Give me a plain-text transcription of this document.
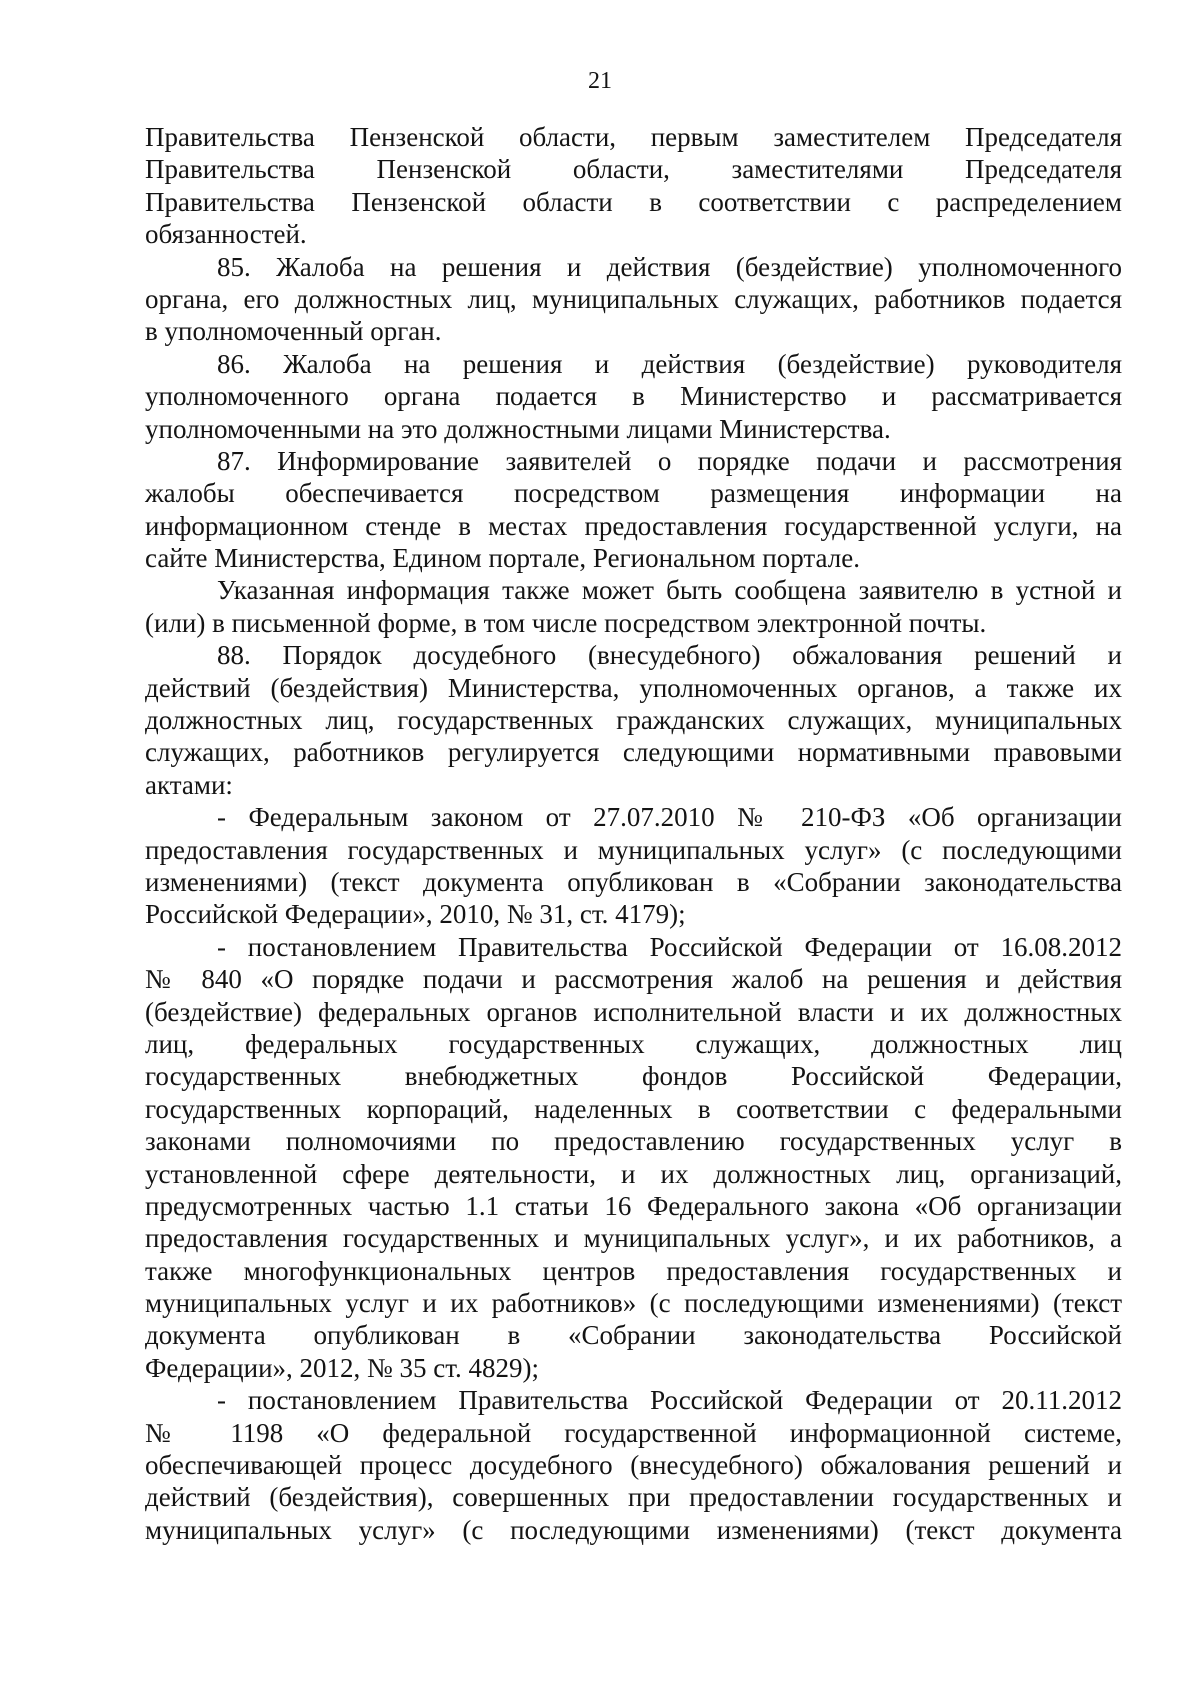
21
Правительства Пензенской области, первым заместителем Председателя
Правительства Пензенской области, заместителями Председателя
Правительства Пензенской области в соответствии с распределением
обязанностей.
85. Жалоба на решения и действия (бездействие) уполномоченного
органа, его должностных лиц, муниципальных служащих, работников подается
в уполномоченный орган.
86. Жалоба на решения и действия (бездействие) руководителя
уполномоченного органа подается в Министерство и рассматривается
уполномоченными на это должностными лицами Министерства.
87. Информирование заявителей о порядке подачи и рассмотрения
жалобы обеспечивается посредством размещения информации на
информационном стенде в местах предоставления государственной услуги, на
сайте Министерства, Едином портале, Региональном портале.
Указанная информация также может быть сообщена заявителю в устной и
(или) в письменной форме, в том числе посредством электронной почты.
88. Порядок досудебного (внесудебного) обжалования решений и
действий (бездействия) Министерства, уполномоченных органов, а также их
должностных лиц, государственных гражданских служащих, муниципальных
служащих, работников регулируется следующими нормативными правовыми
актами:
- Федеральным законом от 27.07.2010 № 210-ФЗ «Об организации
предоставления государственных и муниципальных услуг» (с последующими
изменениями) (текст документа опубликован в «Собрании законодательства
Российской Федерации», 2010, № 31, ст. 4179);
- постановлением Правительства Российской Федерации от 16.08.2012
№ 840 «О порядке подачи и рассмотрения жалоб на решения и действия
(бездействие) федеральных органов исполнительной власти и их должностных
лиц, федеральных государственных служащих, должностных лиц
государственных внебюджетных фондов Российской Федерации,
государственных корпораций, наделенных в соответствии с федеральными
законами полномочиями по предоставлению государственных услуг в
установленной сфере деятельности, и их должностных лиц, организаций,
предусмотренных частью 1.1 статьи 16 Федерального закона «Об организации
предоставления государственных и муниципальных услуг», и их работников, а
также многофункциональных центров предоставления государственных и
муниципальных услуг и их работников» (с последующими изменениями) (текст
документа опубликован в «Собрании законодательства Российской
Федерации», 2012, № 35 ст. 4829);
- постановлением Правительства Российской Федерации от 20.11.2012
№ 1198 «О федеральной государственной информационной системе,
обеспечивающей процесс досудебного (внесудебного) обжалования решений и
действий (бездействия), совершенных при предоставлении государственных и
муниципальных услуг» (с последующими изменениями) (текст документа
